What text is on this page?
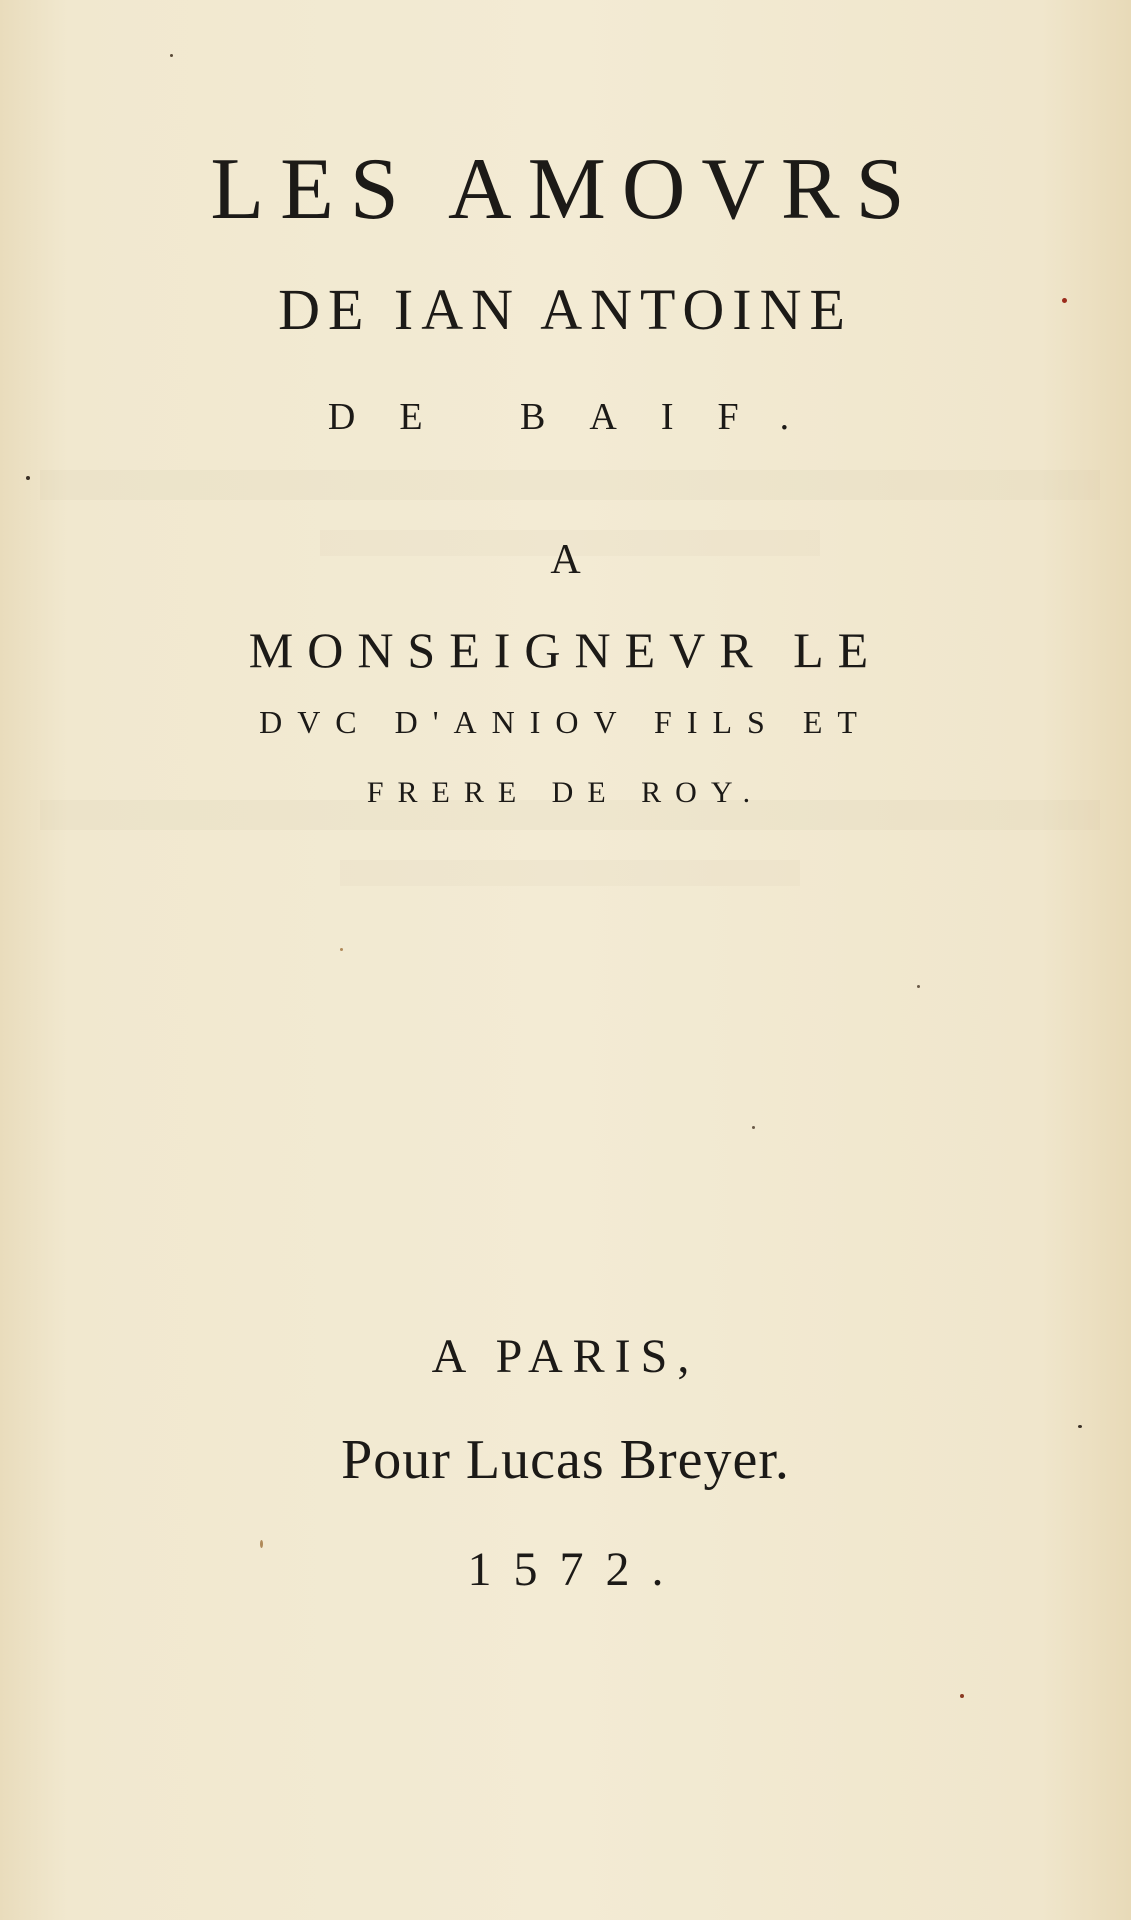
LES AMOVRS
DE IAN ANTOINE
DE BAIF.
A
MONSEIGNEVR LE
DVC D'ANIOV FILS ET
FRERE DE ROY.
A PARIS,
Pour Lucas Breyer.
1572.
